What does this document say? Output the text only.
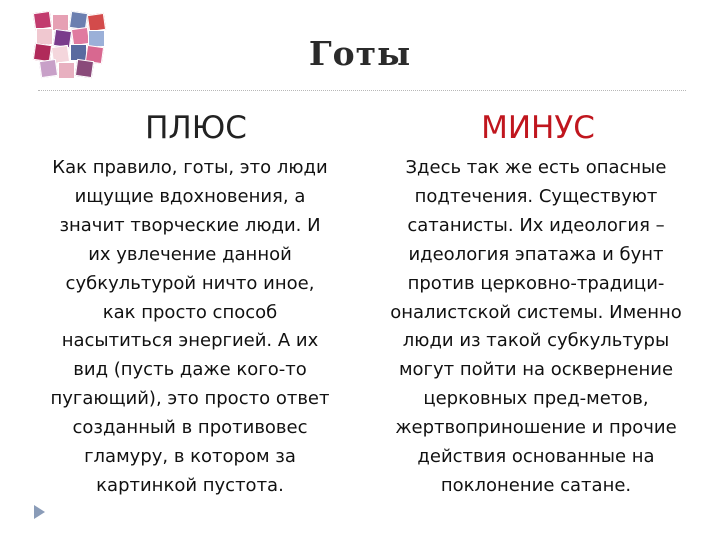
Готы
ПЛЮС	МИНУС
Как правило, готы, это люди
ищущие вдохновения, а
значит творческие люди. И
их увлечение данной
субкультурой ничто иное,
как просто способ
насытиться энергией. А их
вид (пусть даже кого-то
пугающий), это просто ответ
созданный в противовес
гламуру, в котором за
картинкой пустота.
Здесь так же есть опасные
подтечения. Существуют
сатанисты. Их идеология –
идеология эпатажа и бунт
против церковно-традици-
оналистской системы. Именно
люди из такой субкультуры
могут пойти на осквернение
церковных пред-метов,
жертвоприношение и прочие
действия основанные на
поклонение сатане.
